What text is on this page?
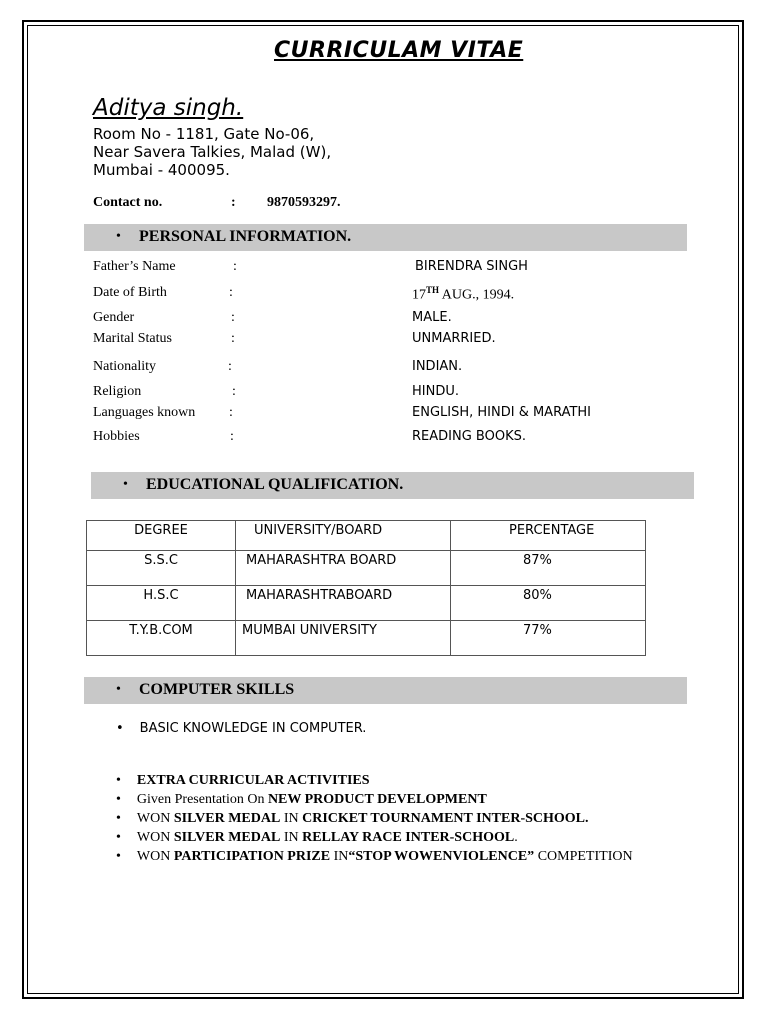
CURRICULAM VITAE
Aditya singh.
Room No - 1181, Gate No-06,
Near Savera Talkies, Malad (W),
Mumbai - 400095.
Contact no.	: 9870593297.
• PERSONAL INFORMATION.
Father’s Name	:	BIRENDRA SINGH
Date of Birth	:	17TH AUG., 1994.
Gender	:	MALE.
Marital Status	:	UNMARRIED.
Nationality	:	INDIAN.
Religion	:	HINDU.
Languages known :	ENGLISH, HINDI & MARATHI
Hobbies	:	READING BOOKS.
• EDUCATIONAL QUALIFICATION.
DEGREE	UNIVERSITY/BOARD	PERCENTAGE
S.S.C	MAHARASHTRA BOARD	87%
H.S.C	MAHARASHTRABOARD	80%
T.Y.B.COM	MUMBAI UNIVERSITY	77%
• COMPUTER SKILLS
• BASIC KNOWLEDGE IN COMPUTER.
• EXTRA CURRICULAR ACTIVITIES
• Given Presentation On NEW PRODUCT DEVELOPMENT
• WON SILVER MEDAL IN CRICKET TOURNAMENT INTER-SCHOOL.
• WON SILVER MEDAL IN RELLAY RACE INTER-SCHOOL.
• WON PARTICIPATION PRIZE IN“STOP WOWENVIOLENCE” COMPETITION
